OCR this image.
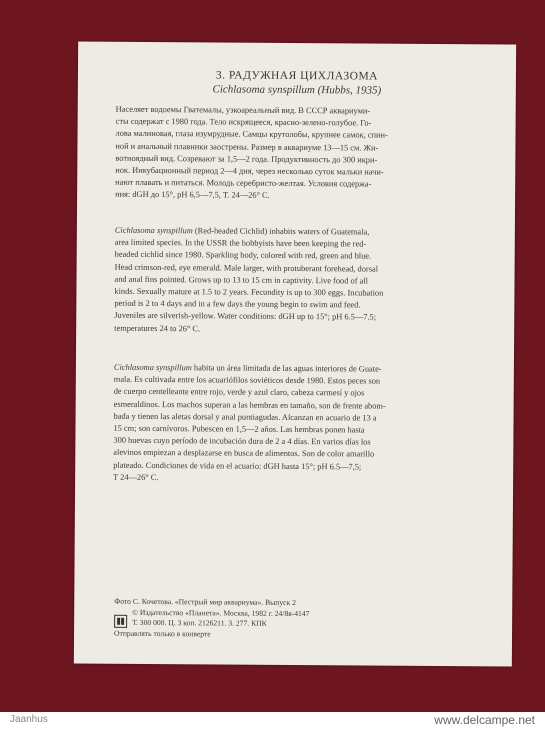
3. РАДУЖНАЯ ЦИХЛАЗОМА
Cichlasoma synspillum (Hubbs, 1935)
Населяет водоемы Гватемалы, узкоареальный вид. В СССР аквариуми-
сты содержат с 1980 года. Тело искрящееся, красно-зелено-голубое. Го-
лова малиновая, глаза изумрудные. Самцы крутолобы, крупнее самок, спин-
ной и анальный плавники заострены. Размер в аквариуме 13—15 см. Жи-
вотноядный вид. Созревают за 1,5—2 года. Продуктивность до 300 икри-
нок. Инкубационный период 2—4 дня, через несколько суток мальки начи-
нают плавать и питаться. Молодь серебристо-желтая. Условия содержа-
ния: dGH до 15°, pH 6,5—7,5, Т. 24—26° С.
Cichlasoma synspillum (Red-headed Cichlid) inhabits waters of Guatemala,
area limited species. In the USSR the hobbyists have been keeping the red-
headed cichlid since 1980. Sparkling body, colored with red, green and blue.
Head crimson-red, eye emerald. Male larger, with protuberant forehead, dorsal
and anal fins pointed. Grows up to 13 to 15 cm in captivity. Live food of all
kinds. Sexually mature at 1.5 to 2 years. Fecundity is up to 300 eggs. Incubation
period is 2 to 4 days and in a few days the young begin to swim and feed.
Juveniles are silverish-yellow. Water conditions: dGH up to 15°; pH 6.5—7.5;
temperatures 24 to 26° C.
Cichlasoma synspillum habita un área limitada de las aguas interiores de Guate-
mala. Es cultivada entre los acuariófilos soviéticos desde 1980. Estos peces son
de cuerpo centelleante entre rojo, verde y azul claro, cabeza carmesí y ojos
esmeraldinos. Los machos superan a las hembras en tamaño, son de frente abom-
bada y tienen las aletas dorsal y anal puntiagudas. Alcanzan en acuario de 13 a
15 cm; son carnívoros. Pubescen en 1,5—2 años. Las hembras ponen hasta
300 huevas cuyo período de incubación dura de 2 a 4 días. En varios días los
alevinos empiezan a desplazarse en busca de alimentos. Son de color amarillo
plateado. Condiciones de vida en el acuario: dGH hasta 15°; pH 6.5—7,5;
T 24—26° C.
Фото С. Кочетова. «Пестрый мир аквариума». Выпуск 2
© Издательство «Планета». Москва, 1982 г. 24/8я-4147
Т. 300 000. Ц. 3 коп. 2126211. З. 277. КПК
Отправлять только в конверте
Jaanhus	www.delcampe.net
